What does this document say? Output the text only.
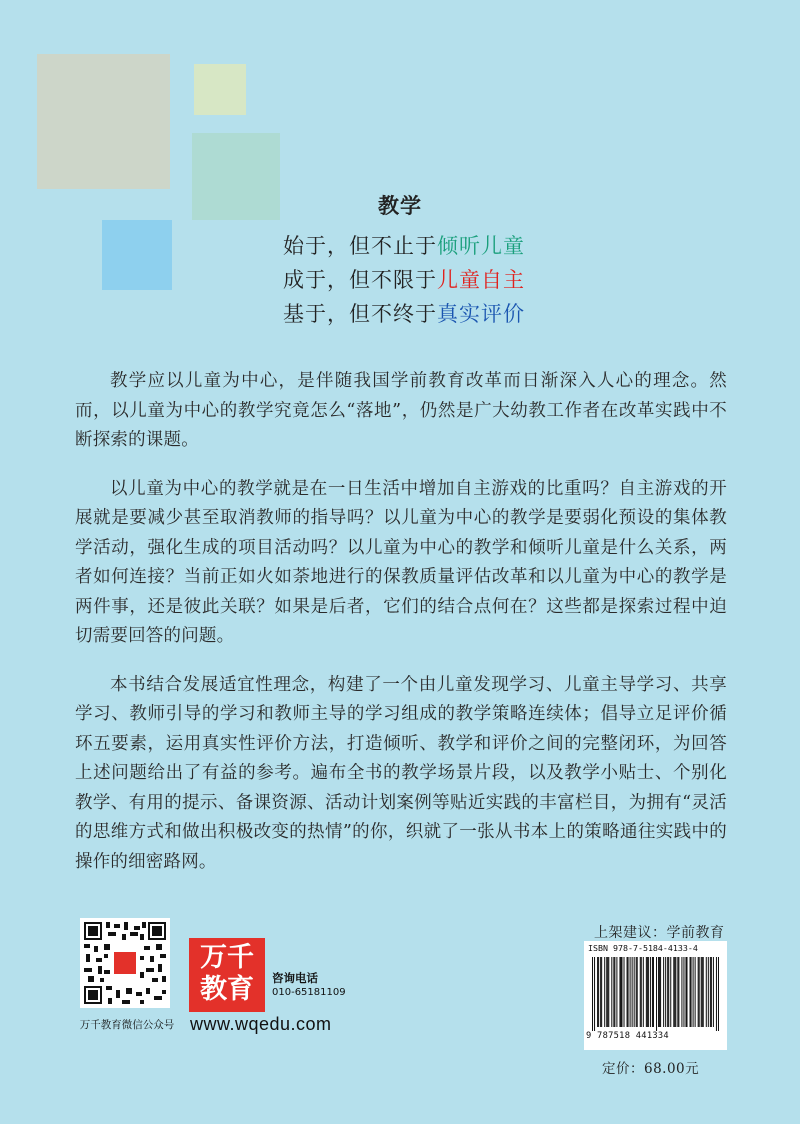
教学
始于，但不止于倾听儿童
成于，但不限于儿童自主
基于，但不终于真实评价

教学应以儿童为中心，是伴随我国学前教育改革而日渐深入人心的理念。然而，以儿童为中心的教学究竟怎么“落地”，仍然是广大幼教工作者在改革实践中不断探索的课题。

以儿童为中心的教学就是在一日生活中增加自主游戏的比重吗？自主游戏的开展就是要减少甚至取消教师的指导吗？以儿童为中心的教学是要弱化预设的集体教学活动，强化生成的项目活动吗？以儿童为中心的教学和倾听儿童是什么关系，两者如何连接？当前正如火如荼地进行的保教质量评估改革和以儿童为中心的教学是两件事，还是彼此关联？如果是后者，它们的结合点何在？这些都是探索过程中迫切需要回答的问题。

本书结合发展适宜性理念，构建了一个由儿童发现学习、儿童主导学习、共享学习、教师引导的学习和教师主导的学习组成的教学策略连续体；倡导立足评价循环五要素，运用真实性评价方法，打造倾听、教学和评价之间的完整闭环，为回答上述问题给出了有益的参考。遍布全书的教学场景片段，以及教学小贴士、个别化教学、有用的提示、备课资源、活动计划案例等贴近实践的丰富栏目，为拥有“灵活的思维方式和做出积极改变的热情”的你，织就了一张从书本上的策略通往实践中的操作的细密路网。

万千教育微信公众号
万千
教育	咨询电话
010-65181109
www.wqedu.com
上架建议：学前教育
ISBN 978-7-5184-4133-4
9 787518 441334
定价：68.00元
